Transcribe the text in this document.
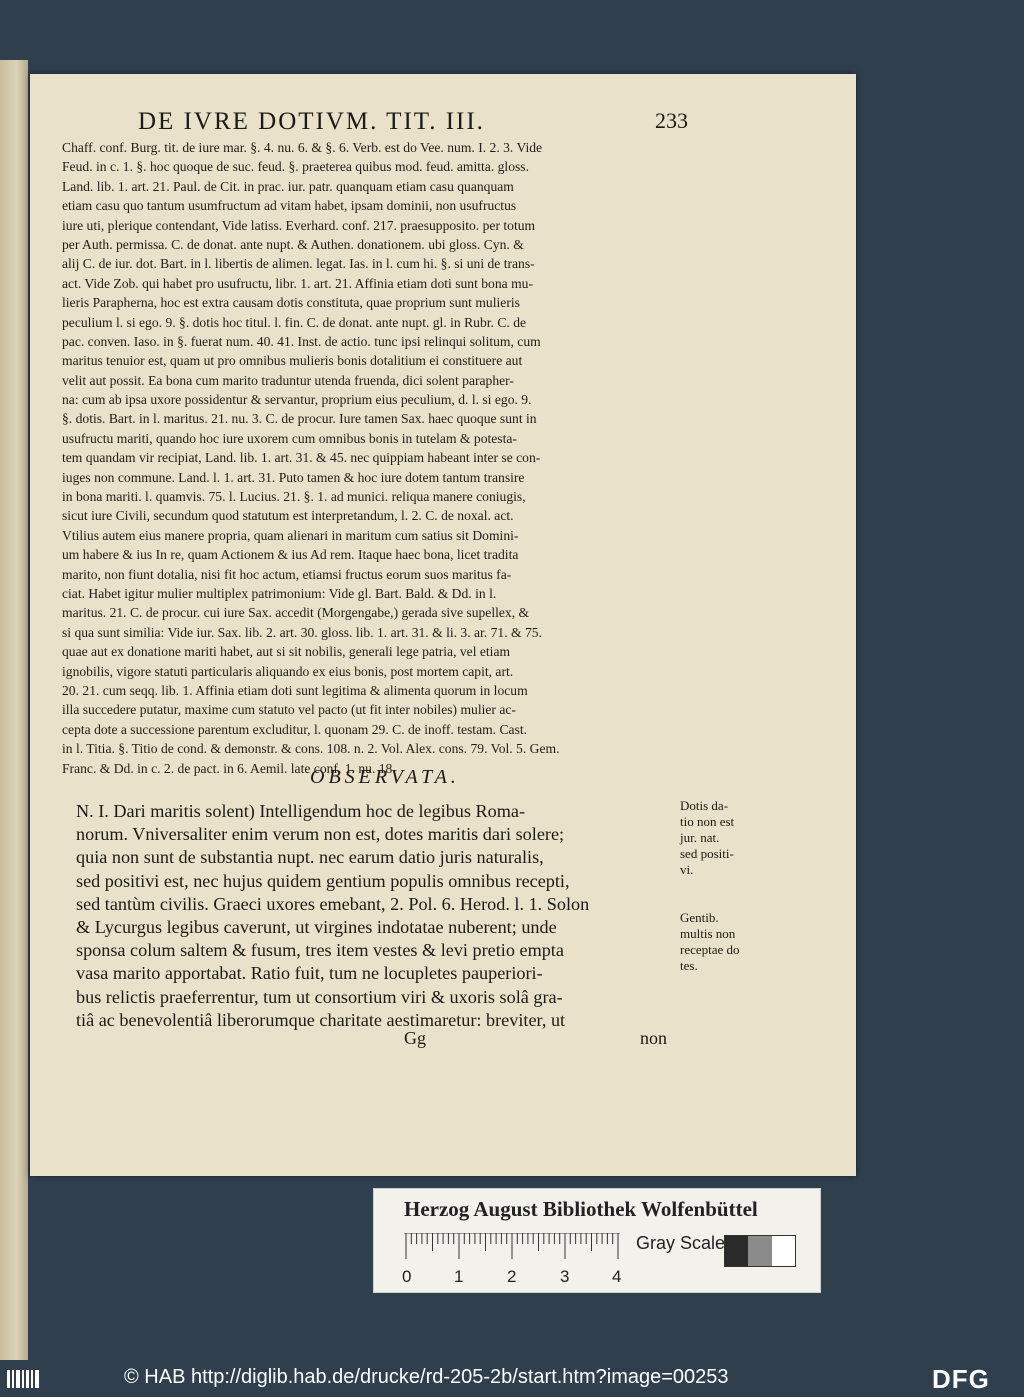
DE IVRE DOTIVM. TIT. III.	233
Chaff. conf. Burg. tit. de iure mar. §. 4. nu. 6. & §. 6. Verb. est do Vee. num. I. 2. 3. Vide
Feud. in c. 1. §. hoc quoque de suc. feud. §. praeterea quibus mod. feud. amitta. gloss.
Land. lib. 1. art. 21. Paul. de Cit. in prac. iur. patr. quanquam etiam casu quanquam
etiam casu quo tantum usumfructum ad vitam habet, ipsam dominii, non usufructus
iure uti, plerique contendant, Vide latiss. Everhard. conf. 217. praesupposito. per totum
per Auth. permissa. C. de donat. ante nupt. & Authen. donationem. ubi gloss. Cyn. &
alij C. de iur. dot. Bart. in l. libertis de alimen. legat. Ias. in l. cum hi. §. si uni de trans-
act. Vide Zob. qui habet pro usufructu, libr. 1. art. 21. Affinia etiam doti sunt bona mu-
lieris Parapherna, hoc est extra causam dotis constituta, quae proprium sunt mulieris
peculium l. si ego. 9. §. dotis hoc titul. l. fin. C. de donat. ante nupt. gl. in Rubr. C. de
pac. conven. Iaso. in §. fuerat num. 40. 41. Inst. de actio. tunc ipsi relinqui solitum, cum
maritus tenuior est, quam ut pro omnibus mulieris bonis dotalitium ei constituere aut
velit aut possit. Ea bona cum marito traduntur utenda fruenda, dici solent parapher-
na: cum ab ipsa uxore possidentur & servantur, proprium eius peculium, d. l. si ego. 9.
§. dotis. Bart. in l. maritus. 21. nu. 3. C. de procur. Iure tamen Sax. haec quoque sunt in
usufructu mariti, quando hoc iure uxorem cum omnibus bonis in tutelam & potesta-
tem quandam vir recipiat, Land. lib. 1. art. 31. & 45. nec quippiam habeant inter se con-
iuges non commune. Land. l. 1. art. 31. Puto tamen & hoc iure dotem tantum transire
in bona mariti. l. quamvis. 75. l. Lucius. 21. §. 1. ad munici. reliqua manere coniugis,
sicut iure Civili, secundum quod statutum est interpretandum, l. 2. C. de noxal. act.
Vtilius autem eius manere propria, quam alienari in maritum cum satius sit Domini-
um habere & ius In re, quam Actionem & ius Ad rem. Itaque haec bona, licet tradita
marito, non fiunt dotalia, nisi fit hoc actum, etiamsi fructus eorum suos maritus fa-
ciat. Habet igitur mulier multiplex patrimonium: Vide gl. Bart. Bald. & Dd. in l.
maritus. 21. C. de procur. cui iure Sax. accedit (Morgengabe,) gerada sive supellex, &
si qua sunt similia: Vide iur. Sax. lib. 2. art. 30. gloss. lib. 1. art. 31. & li. 3. ar. 71. & 75.
quae aut ex donatione mariti habet, aut si sit nobilis, generali lege patria, vel etiam
ignobilis, vigore statuti particularis aliquando ex eius bonis, post mortem capit, art.
20. 21. cum seqq. lib. 1. Affinia etiam doti sunt legitima & alimenta quorum in locum
illa succedere putatur, maxime cum statuto vel pacto (ut fit inter nobiles) mulier ac-
cepta dote a successione parentum excluditur, l. quonam 29. C. de inoff. testam. Cast.
in l. Titia. §. Titio de cond. & demonstr. & cons. 108. n. 2. Vol. Alex. cons. 79. Vol. 5. Gem.
Franc. & Dd. in c. 2. de pact. in 6. Aemil. late conf. 1. nu. 18.
OBSERVATA.
N. I. Dari maritis solent) Intelligendum hoc de legibus Roma-
norum. Vniversaliter enim verum non est, dotes maritis dari solere;
quia non sunt de substantia nupt. nec earum datio juris naturalis,
sed positivi est, nec hujus quidem gentium populis omnibus recepti,
sed tantùm civilis. Graeci uxores emebant, 2. Pol. 6. Herod. l. 1. Solon
& Lycurgus legibus caverunt, ut virgines indotatae nuberent; unde
sponsa colum saltem & fusum, tres item vestes & levi pretio empta
vasa marito apportabat. Ratio fuit, tum ne locupletes pauperiori-
bus relictis praeferrentur, tum ut consortium viri & uxoris solâ gra-
tiâ ac benevolentiâ liberorumque charitate aestimaretur: breviter, ut
Dotis da-
tio non est
jur. nat.
sed positi-
vi.
Gentib.
multis non
receptae do
tes.
Gg	non
Herzog August Bibliothek Wolfenbüttel
Gray Scale
0	1	2	3	4
© HAB http://diglib.hab.de/drucke/rd-205-2b/start.htm?image=00253	DFG
